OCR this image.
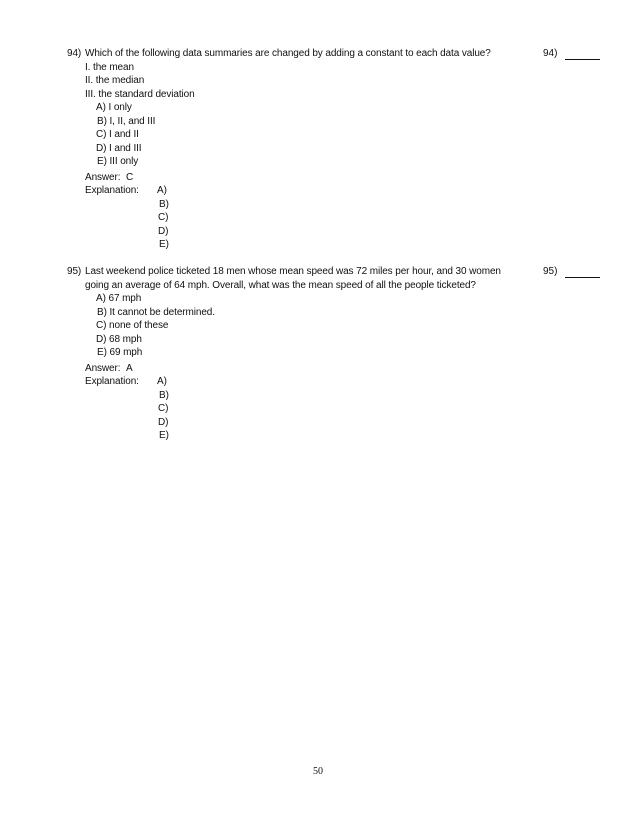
94) Which of the following data summaries are changed by adding a constant to each data value?
I. the mean
II. the median
III. the standard deviation
A) I only
B) I, II, and III
C) I and II
D) I and III
E) III only
Answer: C
Explanation: A)
B)
C)
D)
E)
94)
95) Last weekend police ticketed 18 men whose mean speed was 72 miles per hour, and 30 women
going an average of 64 mph. Overall, what was the mean speed of all the people ticketed?
A) 67 mph
B) It cannot be determined.
C) none of these
D) 68 mph
E) 69 mph
Answer: A
Explanation: A)
B)
C)
D)
E)
95)
50
